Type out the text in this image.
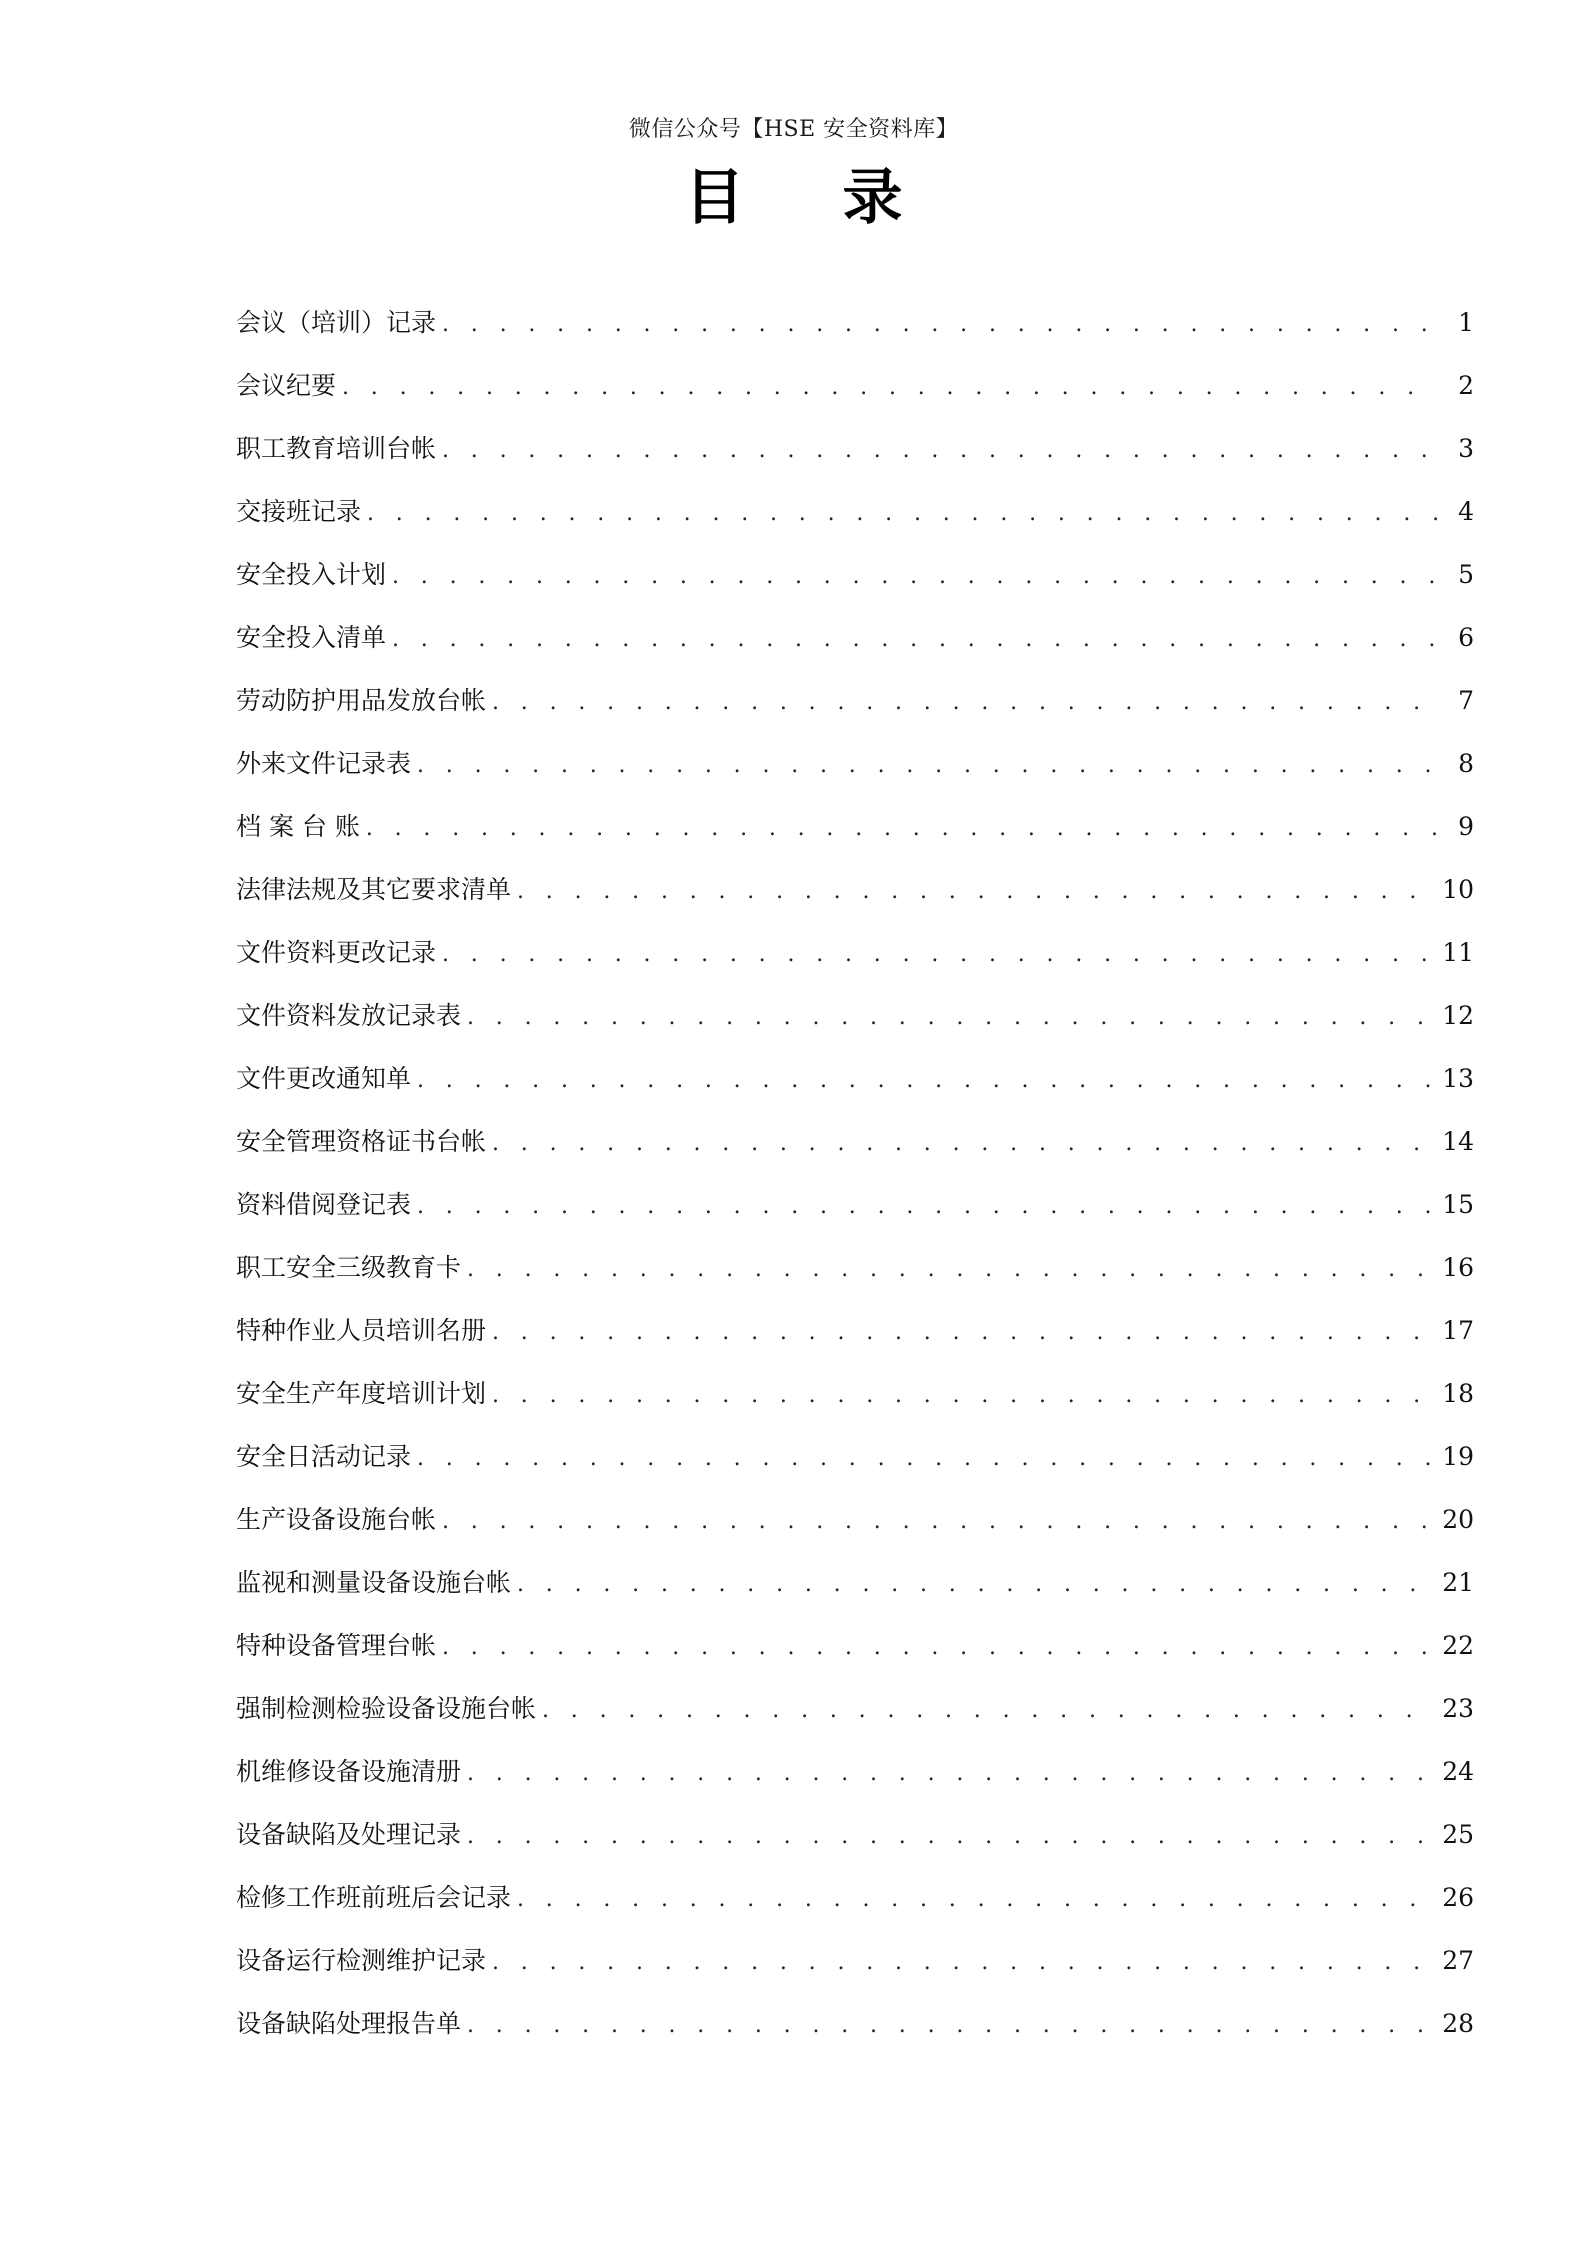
微信公众号【HSE 安全资料库】
目录
会议（培训）记录 . . .	1
会议纪要 . . .	2
职工教育培训台帐 . . .	3
交接班记录 . . .	4
安全投入计划 . . .	5
安全投入清单 . . .	6
劳动防护用品发放台帐 . . .	7
外来文件记录表 . . .	8
档 案 台 账 . . .	9
法律法规及其它要求清单 . . .	10
文件资料更改记录 . . .	11
文件资料发放记录表 . . .	12
文件更改通知单 . . .	13
安全管理资格证书台帐 . . .	14
资料借阅登记表 . . .	15
职工安全三级教育卡 . . .	16
特种作业人员培训名册 . . .	17
安全生产年度培训计划 . . .	18
安全日活动记录 . . .	19
生产设备设施台帐 . . .	20
监视和测量设备设施台帐 . . .	21
特种设备管理台帐 . . .	22
强制检测检验设备设施台帐 . . .	23
机维修设备设施清册 . . .	24
设备缺陷及处理记录 . . .	25
检修工作班前班后会记录 . . .	26
设备运行检测维护记录 . . .	27
设备缺陷处理报告单 . . .	28
